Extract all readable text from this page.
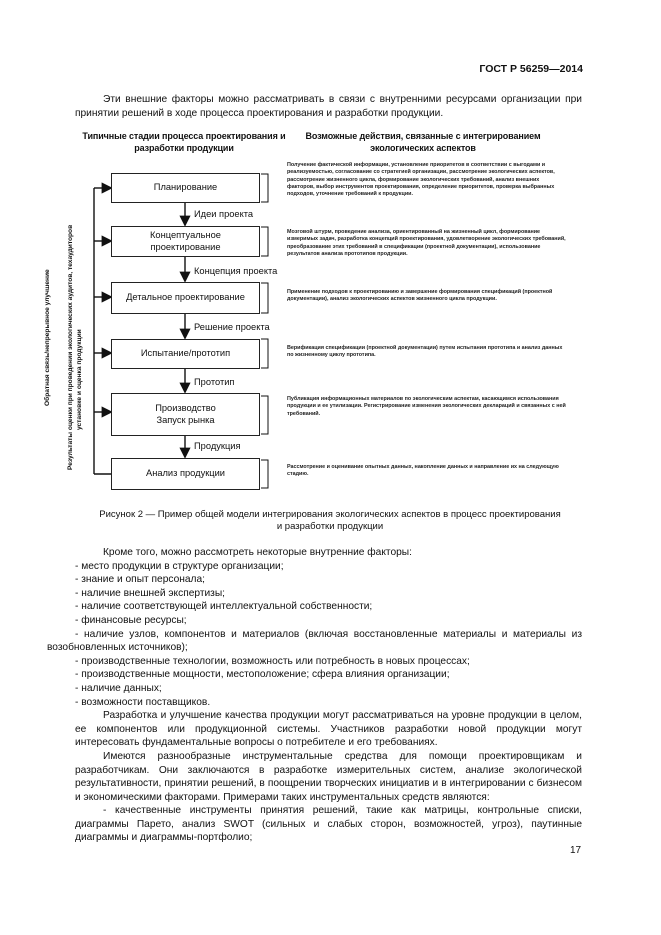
ГОСТ Р 56259—2014
Эти внешние факторы можно рассматривать в связи с внутренними ресурсами организации при принятии решений в ходе процесса проектирования и разработки продукции.
Типичные стадии процесса проектирования и разработки продукции
Возможные действия, связанные с интегрированием экологических аспектов
Планирование
Концептуальное проектирование
Детальное проектирование
Испытание/прототип
Производство Запуск рынка
Анализ продукции
Идеи проекта
Концепция проекта
Решение проекта
Прототип
Продукция
Получение фактической информации, установление приоритетов в соответствии с выгодами и реализуемостью, согласование со стратегией организации, рассмотрение экологических аспектов, рассмотрение жизненного цикла, формирование экологических требований, анализ внешних факторов, выбор инструментов проектирования, определение приоритетов, проверка выбранных подходов, уточнение требований к продукции.
Мозговой штурм, проведение анализа, ориентированный на жизненный цикл, формирование измеримых задач, разработка концепций проектирования, удовлетворение экологических требований, преобразование этих требований в спецификации (проектной документации), использование результатов анализа прототипов продукции.
Применение подходов к проектированию и завершение формирования спецификаций (проектной документации), анализ экологических аспектов жизненного цикла продукции.
Верификация спецификации (проектной документации) путем испытания прототипа и анализ данных по жизненному циклу прототипа.
Публикация информационных материалов по экологическим аспектам, касающимся использования продукции и ее утилизации. Регистрирование изменения экологических деклараций и связанных с ней требований.
Рассмотрение и оценивание опытных данных, накопление данных и направление их на следующую стадию.
Обратная связь/непрерывное улучшение Результаты оценки при проведении экологических аудитов, техаудиторов установке и оценка продукции
Рисунок 2 — Пример общей модели интегрирования экологических аспектов в процесс проектирования
и разработки продукции
Кроме того, можно рассмотреть некоторые внутренние факторы:
- место продукции в структуре организации;
- знание и опыт персонала;
- наличие внешней экспертизы;
- наличие соответствующей интеллектуальной собственности;
- финансовые ресурсы;
- наличие узлов, компонентов и материалов (включая восстановленные материалы и материалы из возобновленных источников);
- производственные технологии, возможность или потребность в новых процессах;
- производственные мощности, местоположение; сфера влияния организации;
- наличие данных;
- возможности поставщиков.
Разработка и улучшение качества продукции могут рассматриваться на уровне продукции в целом, ее компонентов или продукционной системы. Участников разработки новой продукции могут интересовать фундаментальные вопросы о потребителе и его требованиях.
Имеются разнообразные инструментальные средства для помощи проектировщикам и разработчикам. Они заключаются в разработке измерительных систем, анализе экологической результативности, принятии решений, в поощрении творческих инициатив и в интегрировании с бизнесом и экономическими факторами. Примерами таких инструментальных средств являются:
- качественные инструменты принятия решений, такие как матрицы, контрольные списки, диаграммы Парето, анализ SWOT (сильных и слабых сторон, возможностей, угроз), паутинные диаграммы и диаграммы-портфолио;
17
